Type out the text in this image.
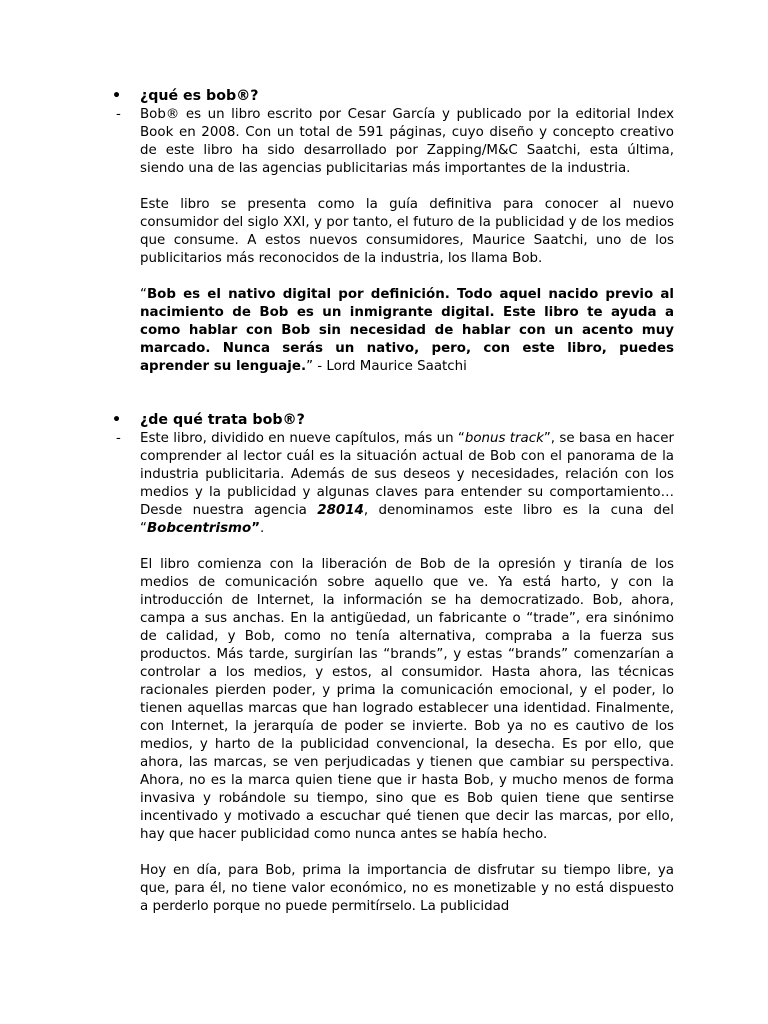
• ¿qué es bob®?
- Bob® es un libro escrito por Cesar García y publicado por la editorial Index Book en 2008. Con un total de 591 páginas, cuyo diseño y concepto creativo de este libro ha sido desarrollado por Zapping/M&C Saatchi, esta última, siendo una de las agencias publicitarias más importantes de la industria.

Este libro se presenta como la guía definitiva para conocer al nuevo consumidor del siglo XXI, y por tanto, el futuro de la publicidad y de los medios que consume. A estos nuevos consumidores, Maurice Saatchi, uno de los publicitarios más reconocidos de la industria, los llama Bob.

“Bob es el nativo digital por definición. Todo aquel nacido previo al nacimiento de Bob es un inmigrante digital. Este libro te ayuda a como hablar con Bob sin necesidad de hablar con un acento muy marcado. Nunca serás un nativo, pero, con este libro, puedes aprender su lenguaje.” - Lord Maurice Saatchi

• ¿de qué trata bob®?
- Este libro, dividido en nueve capítulos, más un “bonus track”, se basa en hacer comprender al lector cuál es la situación actual de Bob con el panorama de la industria publicitaria. Además de sus deseos y necesidades, relación con los medios y la publicidad y algunas claves para entender su comportamiento… Desde nuestra agencia 28014, denominamos este libro es la cuna del “Bobcentrismo”.

El libro comienza con la liberación de Bob de la opresión y tiranía de los medios de comunicación sobre aquello que ve. Ya está harto, y con la introducción de Internet, la información se ha democratizado. Bob, ahora, campa a sus anchas. En la antigüedad, un fabricante o “trade”, era sinónimo de calidad, y Bob, como no tenía alternativa, compraba a la fuerza sus productos. Más tarde, surgirían las “brands”, y estas “brands” comenzarían a controlar a los medios, y estos, al consumidor. Hasta ahora, las técnicas racionales pierden poder, y prima la comunicación emocional, y el poder, lo tienen aquellas marcas que han logrado establecer una identidad. Finalmente, con Internet, la jerarquía de poder se invierte. Bob ya no es cautivo de los medios, y harto de la publicidad convencional, la desecha. Es por ello, que ahora, las marcas, se ven perjudicadas y tienen que cambiar su perspectiva. Ahora, no es la marca quien tiene que ir hasta Bob, y mucho menos de forma invasiva y robándole su tiempo, sino que es Bob quien tiene que sentirse incentivado y motivado a escuchar qué tienen que decir las marcas, por ello, hay que hacer publicidad como nunca antes se había hecho.

Hoy en día, para Bob, prima la importancia de disfrutar su tiempo libre, ya que, para él, no tiene valor económico, no es monetizable y no está dispuesto a perderlo porque no puede permitírselo. La publicidad
